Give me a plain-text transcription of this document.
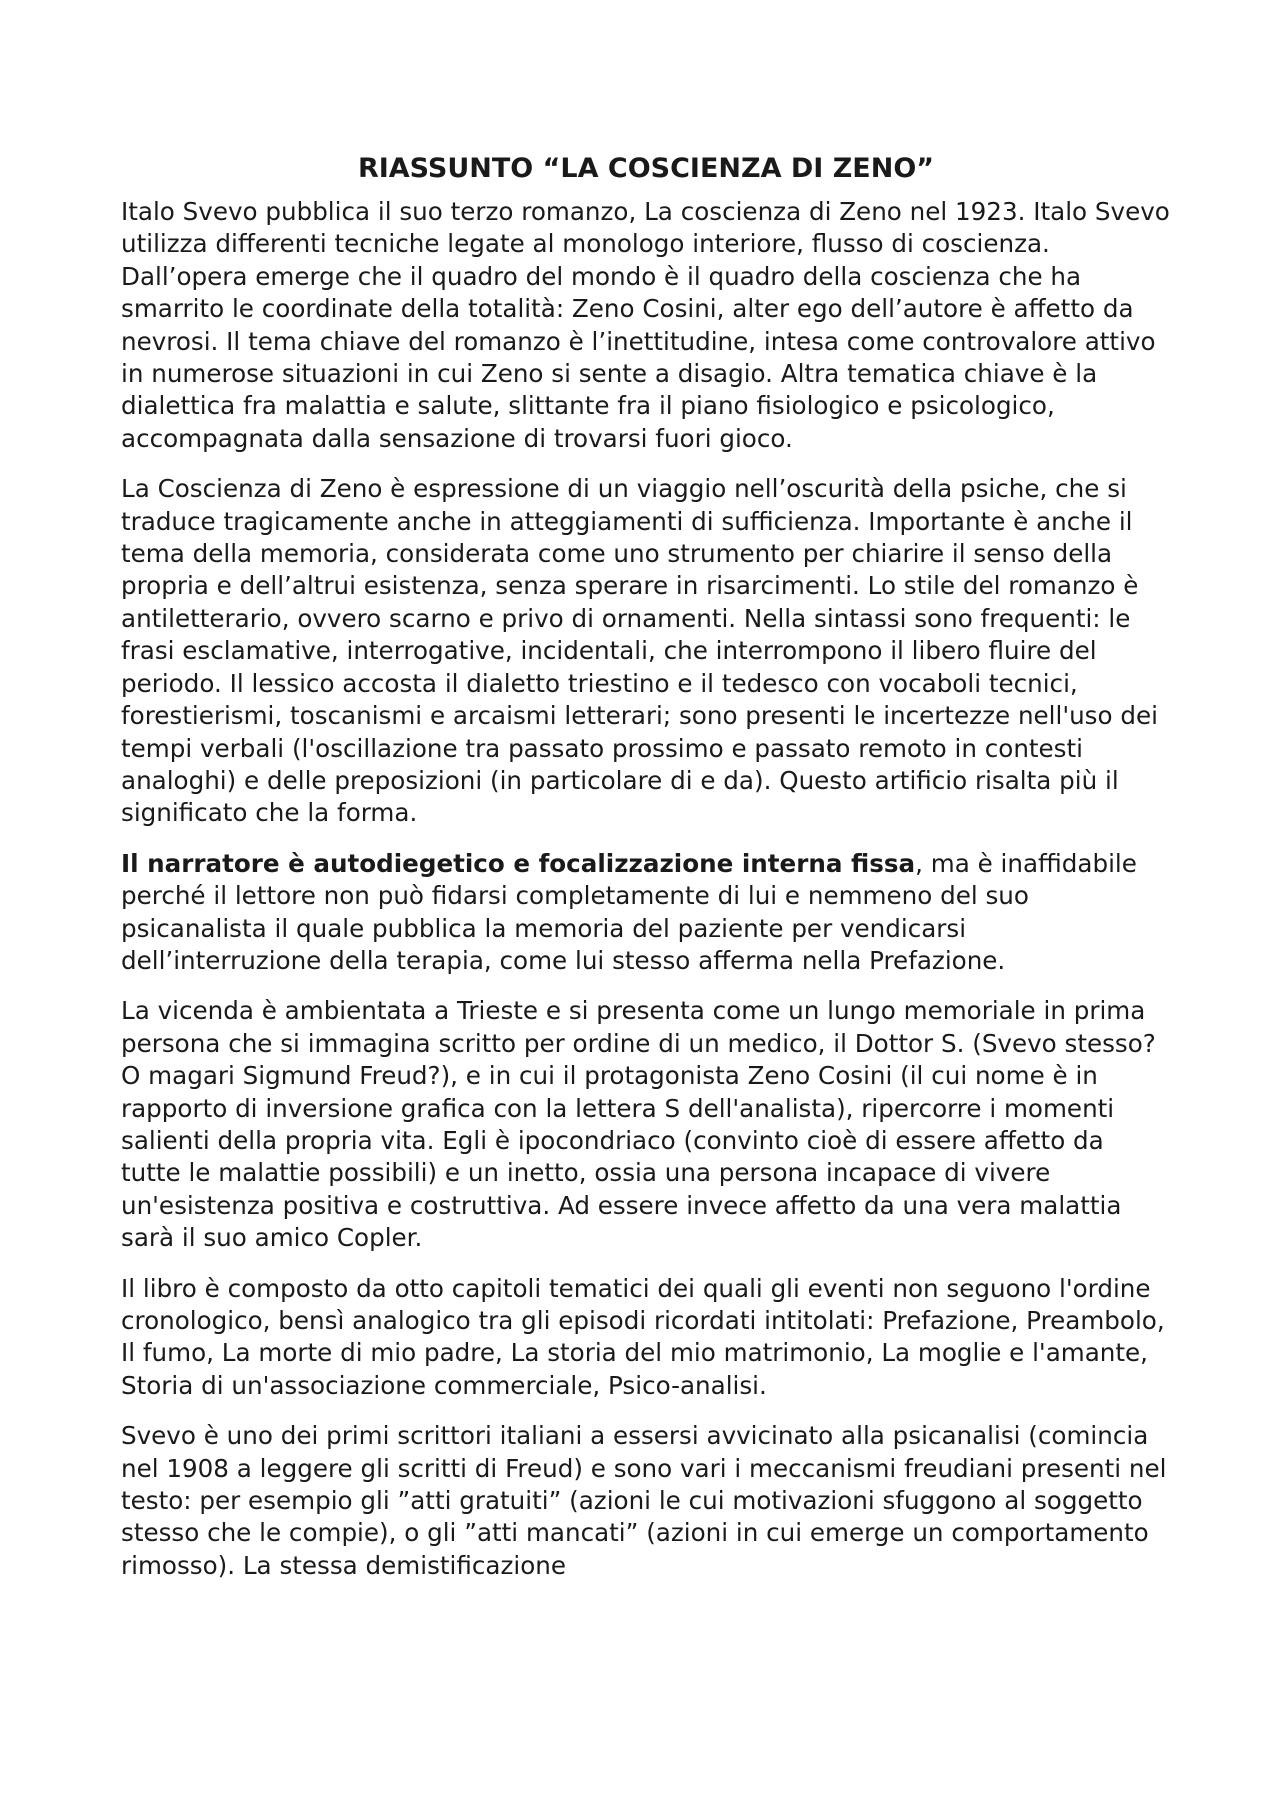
RIASSUNTO “LA COSCIENZA DI ZENO”

Italo Svevo pubblica il suo terzo romanzo, La coscienza di Zeno nel 1923. Italo Svevo utilizza differenti tecniche legate al monologo interiore, flusso di coscienza. Dall’opera emerge che il quadro del mondo è il quadro della coscienza che ha smarrito le coordinate della totalità: Zeno Cosini, alter ego dell’autore è affetto da nevrosi. Il tema chiave del romanzo è l’inettitudine, intesa come controvalore attivo in numerose situazioni in cui Zeno si sente a disagio. Altra tematica chiave è la dialettica fra malattia e salute, slittante fra il piano fisiologico e psicologico, accompagnata dalla sensazione di trovarsi fuori gioco.

La Coscienza di Zeno è espressione di un viaggio nell’oscurità della psiche, che si traduce tragicamente anche in atteggiamenti di sufficienza. Importante è anche il tema della memoria, considerata come uno strumento per chiarire il senso della propria e dell’altrui esistenza, senza sperare in risarcimenti. Lo stile del romanzo è antiletterario, ovvero scarno e privo di ornamenti. Nella sintassi sono frequenti: le frasi esclamative, interrogative, incidentali, che interrompono il libero fluire del periodo. Il lessico accosta il dialetto triestino e il tedesco con vocaboli tecnici, forestierismi, toscanismi e arcaismi letterari; sono presenti le incertezze nell'uso dei tempi verbali (l'oscillazione tra passato prossimo e passato remoto in contesti analoghi) e delle preposizioni (in particolare di e da). Questo artificio risalta più il significato che la forma.

Il narratore è autodiegetico e focalizzazione interna fissa, ma è inaffidabile perché il lettore non può fidarsi completamente di lui e nemmeno del suo psicanalista il quale pubblica la memoria del paziente per vendicarsi dell’interruzione della terapia, come lui stesso afferma nella Prefazione.

La vicenda è ambientata a Trieste e si presenta come un lungo memoriale in prima persona che si immagina scritto per ordine di un medico, il Dottor S. (Svevo stesso? O magari Sigmund Freud?), e in cui il protagonista Zeno Cosini (il cui nome è in rapporto di inversione grafica con la lettera S dell'analista), ripercorre i momenti salienti della propria vita. Egli è ipocondriaco (convinto cioè di essere affetto da tutte le malattie possibili) e un inetto, ossia una persona incapace di vivere un'esistenza positiva e costruttiva. Ad essere invece affetto da una vera malattia sarà il suo amico Copler.

Il libro è composto da otto capitoli tematici dei quali gli eventi non seguono l'ordine cronologico, bensì analogico tra gli episodi ricordati intitolati: Prefazione, Preambolo, Il fumo, La morte di mio padre, La storia del mio matrimonio, La moglie e l'amante, Storia di un'associazione commerciale, Psico-analisi.

Svevo è uno dei primi scrittori italiani a essersi avvicinato alla psicanalisi (comincia nel 1908 a leggere gli scritti di Freud) e sono vari i meccanismi freudiani presenti nel testo: per esempio gli ”atti gratuiti” (azioni le cui motivazioni sfuggono al soggetto stesso che le compie), o gli ”atti mancati” (azioni in cui emerge un comportamento rimosso). La stessa demistificazione
